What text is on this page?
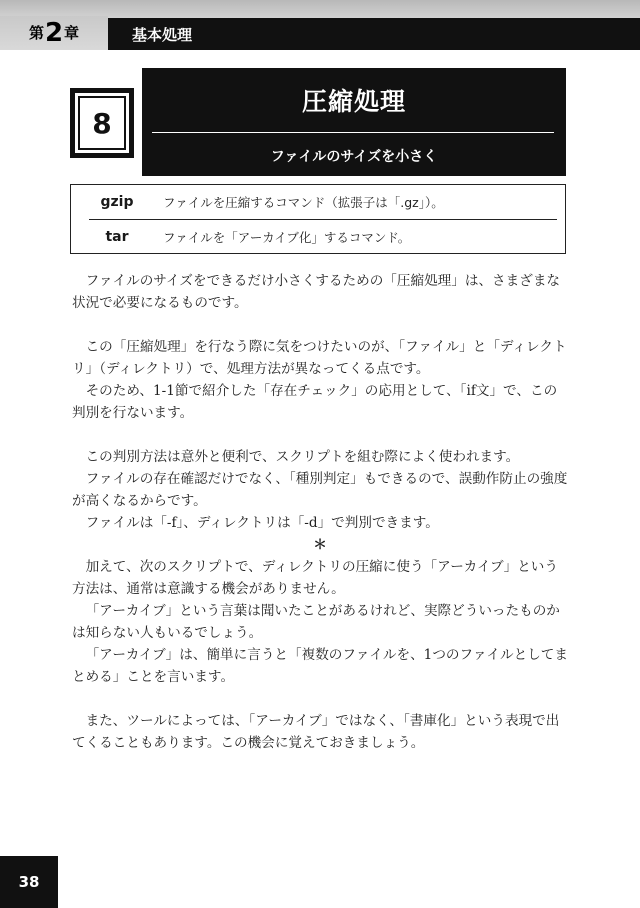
第 2 章	基本処理
8
圧縮処理
ファイルのサイズを小さく
gzip	ファイルを圧縮するコマンド（拡張子は「.gz」）。
tar	ファイルを「アーカイブ化」するコマンド。

ファイルのサイズをできるだけ小さくするための「圧縮処理」は、さまざまな状況で必要になるものです。

この「圧縮処理」を行なう際に気をつけたいのが、「ファイル」と「ディレクトリ」（ディレクトリ）で、処理方法が異なってくる点です。

そのため、1-1節で紹介した「存在チェック」の応用として、「if文」で、この判別を行ないます。

この判別方法は意外と便利で、スクリプトを組む際によく使われます。

ファイルの存在確認だけでなく、「種別判定」もできるので、誤動作防止の強度が高くなるからです。

ファイルは「-f」、ディレクトリは「-d」で判別できます。

＊

加えて、次のスクリプトで、ディレクトリの圧縮に使う「アーカイブ」という方法は、通常は意識する機会がありません。

「アーカイブ」という言葉は聞いたことがあるけれど、実際どういったものかは知らない人もいるでしょう。

「アーカイブ」は、簡単に言うと「複数のファイルを、1つのファイルとしてまとめる」ことを言います。

また、ツールによっては、「アーカイブ」ではなく、「書庫化」という表現で出てくることもあります。この機会に覚えておきましょう。

38
